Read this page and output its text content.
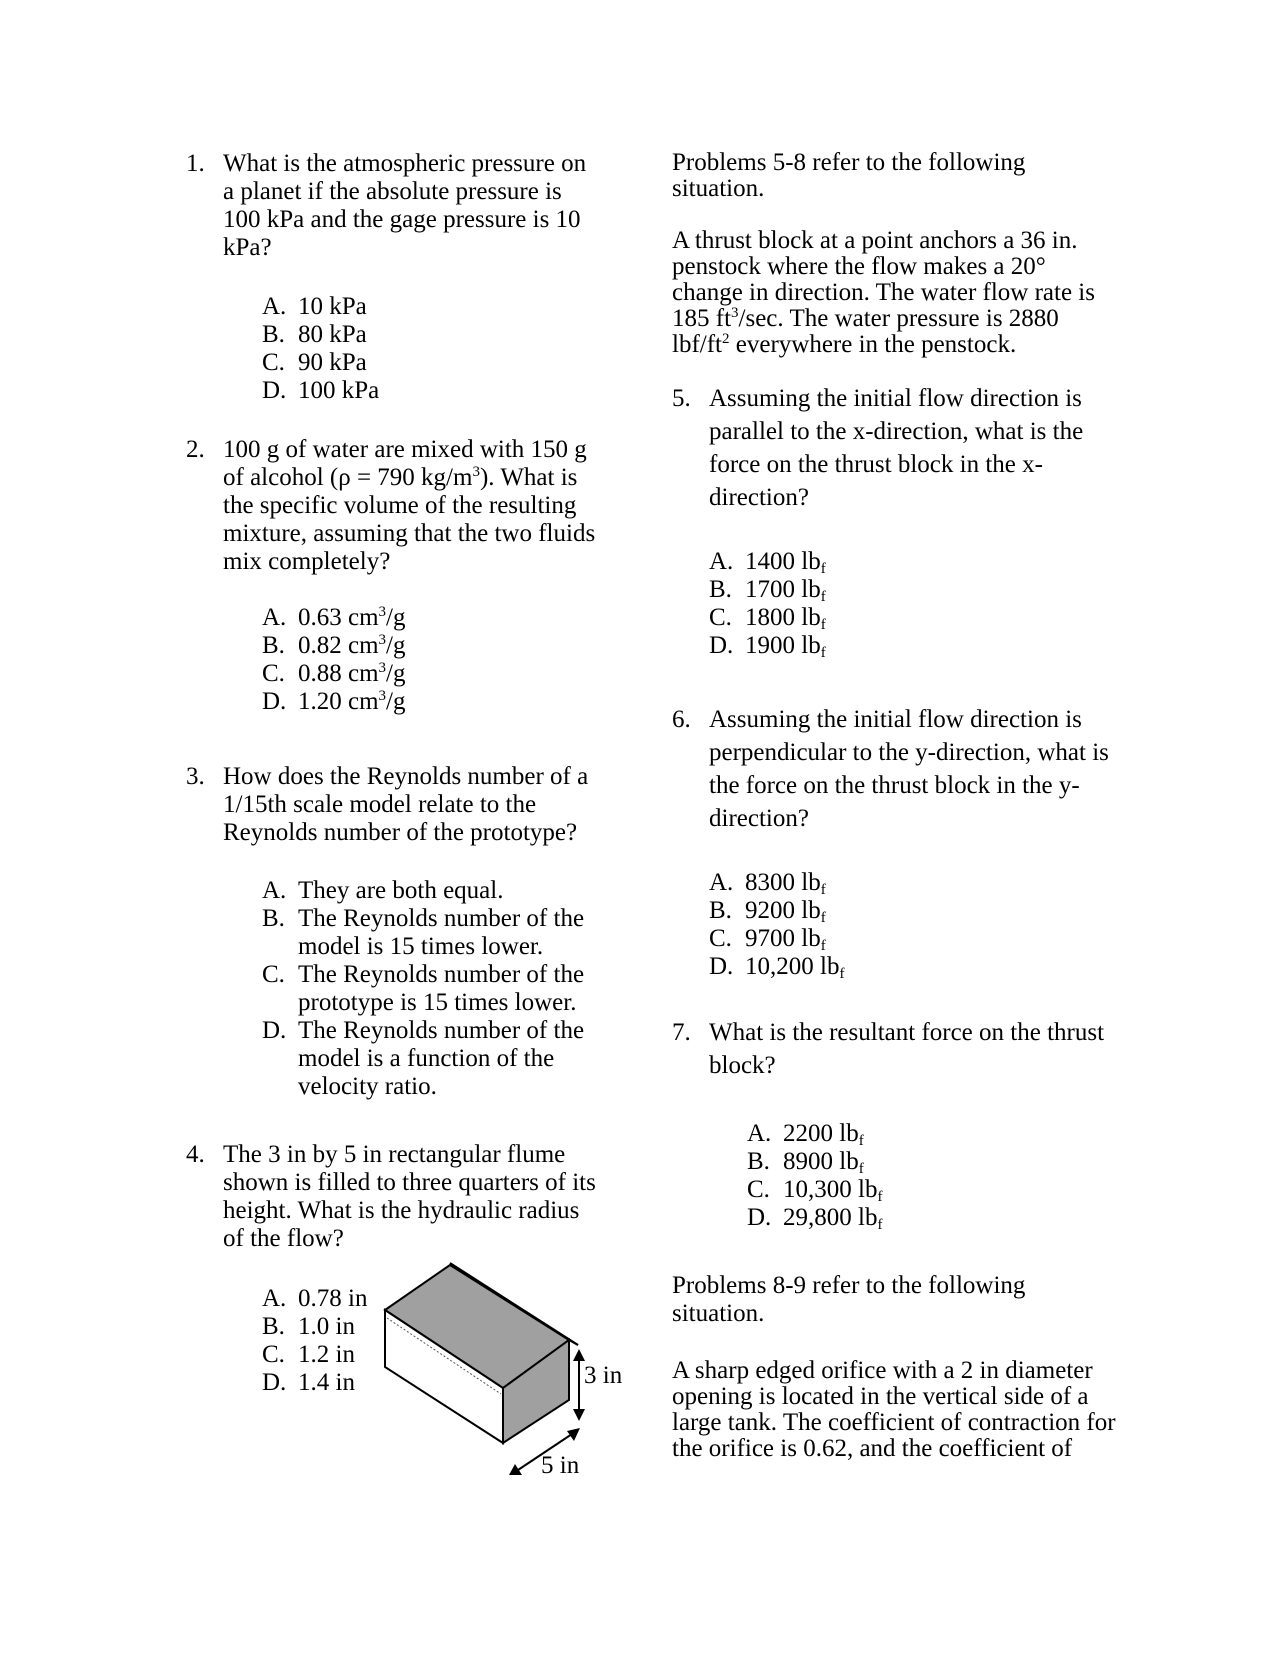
1. What is the atmospheric pressure on a planet if the absolute pressure is 100 kPa and the gage pressure is 10 kPa?
A. 10 kPa
B. 80 kPa
C. 90 kPa
D. 100 kPa
2. 100 g of water are mixed with 150 g
of alcohol (ρ = 790 $kg/m^3$). What is
the specific volume of the resulting mixture, assuming that the two fluids mix completely?
A. 0.63 $cm^3/g$
B. 0.82 $cm^3/g$
C. 0.88 $cm^3/g$
D. 1.20 $cm^3/g$
3. How does the Reynolds number of a 1/15th scale model relate to the Reynolds number of the prototype?
A. They are both equal.
B. The Reynolds number of the model is 15 times lower.
C. The Reynolds number of the prototype is 15 times lower.
D. The Reynolds number of the model is a function of the velocity ratio.
4. The 3 in by 5 in rectangular flume shown is filled to three quarters of its height. What is the hydraulic radius of the flow?
A. 0.78 in
B. 1.0 in
C. 1.2 in
D. 1.4 in	3 in
5 in
Problems 5-8 refer to the following situation.
A thrust block at a point anchors a 36 in.
penstock where the flow makes a 20°
change in direction. The water flow rate is
185 $ft^3/\sec$. The water pressure is 2880
lbf/$ft^2$ everywhere in the penstock.
5. Assuming the initial flow direction is parallel to the x-direction, what is the force on the thrust block in the x-direction?
A. 1400 $lb_f$
B. 1700 $lb_f$
C. 1800 $lb_f$
D. 1900 $lb_f$
6. Assuming the initial flow direction is perpendicular to the y-direction, what is the force on the thrust block in the y-direction?
A. 8300 $lb_f$
B. 9200 $lb_f$
C. 9700 $lb_f$
D. 10,200 $lb_f$
7. What is the resultant force on the thrust block?
A. 2200 $lb_f$
B. 8900 $lb_f$
C. 10,300 $lb_f$
D. 29,800 $lb_f$
Problems 8-9 refer to the following situation.
A sharp edged orifice with a 2 in diameter opening is located in the vertical side of a large tank. The coefficient of contraction for the orifice is 0.62, and the coefficient of
